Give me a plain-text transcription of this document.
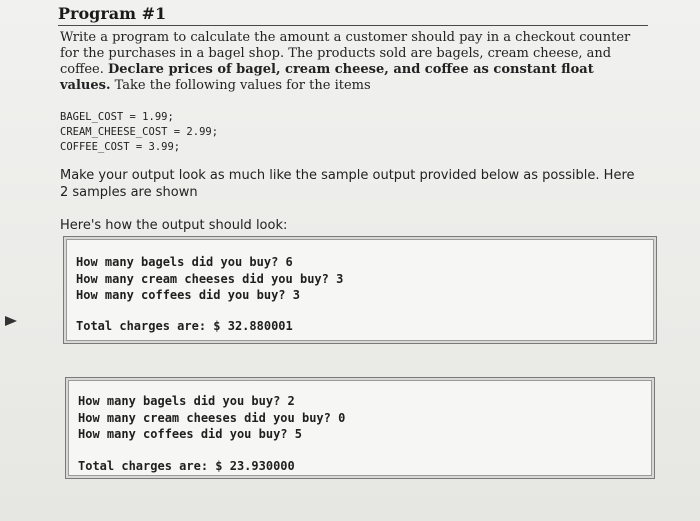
Program #1
Write a program to calculate the amount a customer should pay in a checkout counter for the purchases in a bagel shop. The products sold are bagels, cream cheese, and coffee. Declare prices of bagel, cream cheese, and coffee as constant float values. Take the following values for the items
BAGEL_COST = 1.99;
CREAM_CHEESE_COST = 2.99;
COFFEE_COST = 3.99;
Make your output look as much like the sample output provided below as possible. Here 2 samples are shown
Here's how the output should look:
How many bagels did you buy? 6
How many cream cheeses did you buy? 3
How many coffees did you buy? 3
Total charges are: $ 32.880001
How many bagels did you buy? 2
How many cream cheeses did you buy? 0
How many coffees did you buy? 5
Total charges are: $ 23.930000
